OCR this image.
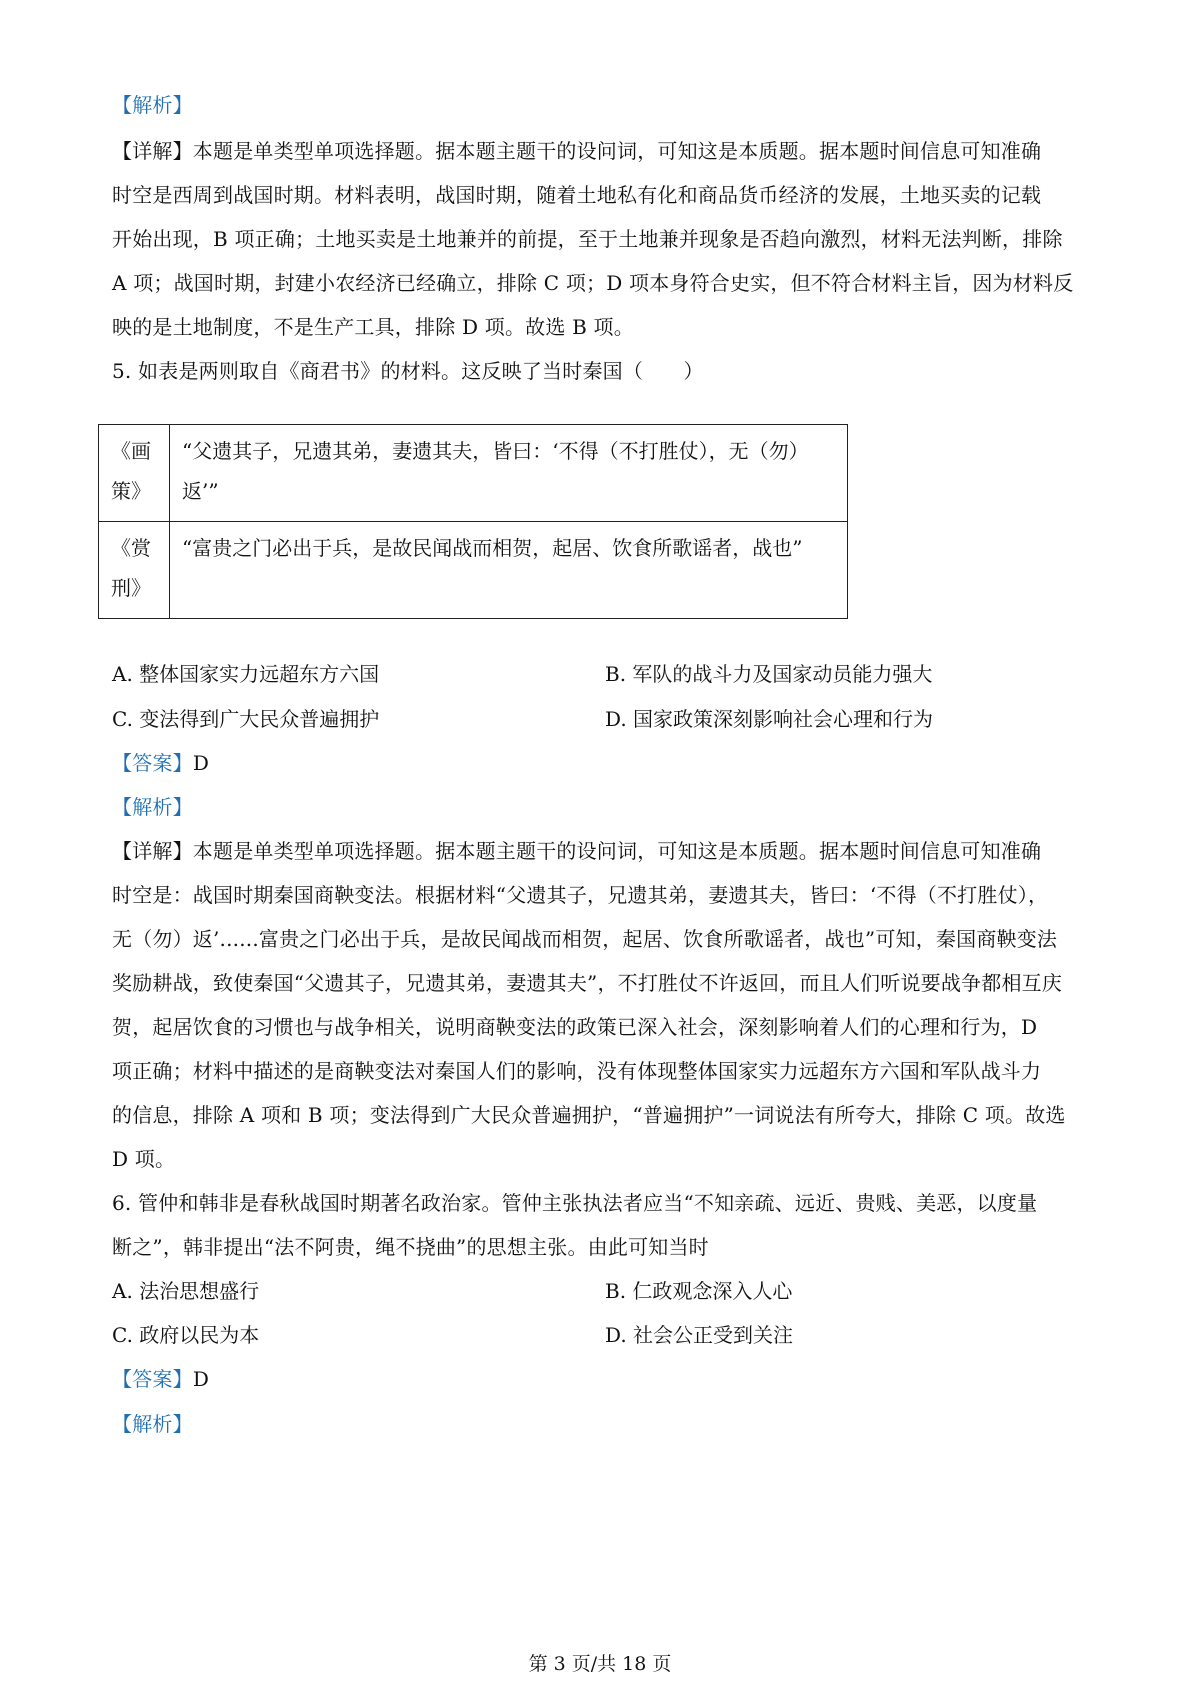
【解析】
【详解】本题是单类型单项选择题。据本题主题干的设问词，可知这是本质题。据本题时间信息可知准确
时空是西周到战国时期。材料表明，战国时期，随着土地私有化和商品货币经济的发展，土地买卖的记载
开始出现，B 项正确；土地买卖是土地兼并的前提，至于土地兼并现象是否趋向激烈，材料无法判断，排除
A 项；战国时期，封建小农经济已经确立，排除 C 项；D 项本身符合史实，但不符合材料主旨，因为材料反
映的是土地制度，不是生产工具，排除 D 项。故选 B 项。
5. 如表是两则取自《商君书》的材料。这反映了当时秦国（　　）
《画策》	“父遗其子，兄遗其弟，妻遗其夫，皆曰：‘不得（不打胜仗），无（勿）返’”
《赏刑》	“富贵之门必出于兵，是故民闻战而相贺，起居、饮食所歌谣者，战也”
A. 整体国家实力远超东方六国	B. 军队的战斗力及国家动员能力强大
C. 变法得到广大民众普遍拥护	D. 国家政策深刻影响社会心理和行为
【答案】D
【解析】
【详解】本题是单类型单项选择题。据本题主题干的设问词，可知这是本质题。据本题时间信息可知准确
时空是：战国时期秦国商鞅变法。根据材料“父遗其子，兄遗其弟，妻遗其夫，皆曰：‘不得（不打胜仗），
无（勿）返’......富贵之门必出于兵，是故民闻战而相贺，起居、饮食所歌谣者，战也”可知，秦国商鞅变法
奖励耕战，致使秦国“父遗其子，兄遗其弟，妻遗其夫”，不打胜仗不许返回，而且人们听说要战争都相互庆
贺，起居饮食的习惯也与战争相关，说明商鞅变法的政策已深入社会，深刻影响着人们的心理和行为，D
项正确；材料中描述的是商鞅变法对秦国人们的影响，没有体现整体国家实力远超东方六国和军队战斗力
的信息，排除 A 项和 B 项；变法得到广大民众普遍拥护，“普遍拥护”一词说法有所夸大，排除 C 项。故选
D 项。
6. 管仲和韩非是春秋战国时期著名政治家。管仲主张执法者应当“不知亲疏、远近、贵贱、美恶，以度量
断之”，韩非提出“法不阿贵，绳不挠曲”的思想主张。由此可知当时
A. 法治思想盛行	B. 仁政观念深入人心
C. 政府以民为本	D. 社会公正受到关注
【答案】D
【解析】
第 3 页/共 18 页
